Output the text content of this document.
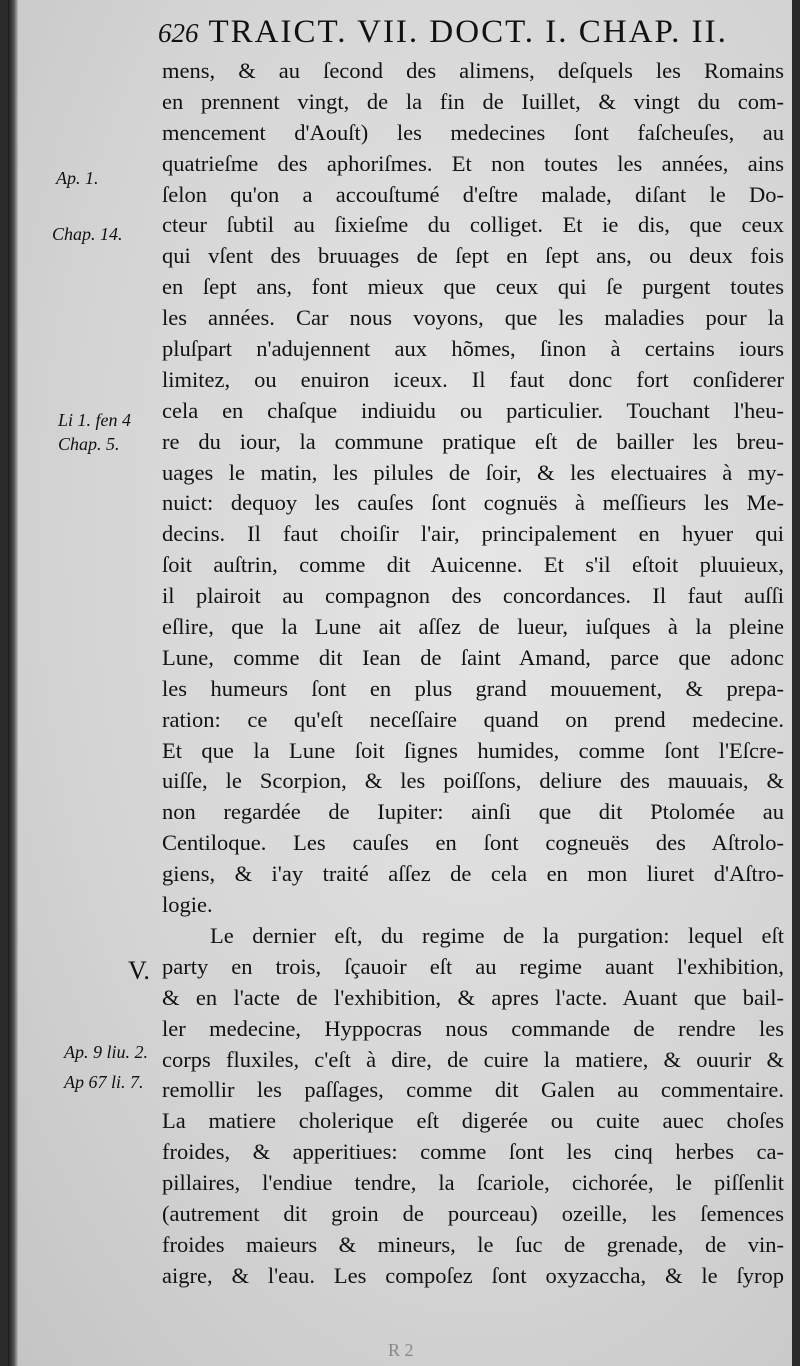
626 TRAICT. VII. DOCT. I. CHAP. II.
Ap. 1.
Chap. 14.
Li 1. fen 4
Chap. 5.
V.
Ap. 9 liu. 2.
Ap 67 li. 7.
mens, & au ſecond des alimens, deſquels les Romains
en prennent vingt, de la fin de Iuillet, & vingt du com-
mencement d'Aouſt) les medecines ſont faſcheuſes, au
quatrieſme des aphoriſmes. Et non toutes les années, ains
ſelon qu'on a accouſtumé d'eſtre malade, diſant le Do-
cteur ſubtil au ſixieſme du colliget. Et ie dis, que ceux
qui vſent des bruuages de ſept en ſept ans, ou deux fois
en ſept ans, font mieux que ceux qui ſe purgent toutes
les années. Car nous voyons, que les maladies pour la
pluſpart n'adujennent aux hõmes, ſinon à certains iours
limitez, ou enuiron iceux. Il faut donc fort conſiderer
cela en chaſque indiuidu ou particulier. Touchant l'heu-
re du iour, la commune pratique eſt de bailler les breu-
uages le matin, les pilules de ſoir, & les electuaires à my-
nuict: dequoy les cauſes ſont cognuës à meſſieurs les Me-
decins. Il faut choiſir l'air, principalement en hyuer qui
ſoit auſtrin, comme dit Auicenne. Et s'il eſtoit pluuieux,
il plairoit au compagnon des concordances. Il faut auſſi
eſlire, que la Lune ait aſſez de lueur, iuſques à la pleine
Lune, comme dit Iean de ſaint Amand, parce que adonc
les humeurs ſont en plus grand mouuement, & prepa-
ration: ce qu'eſt neceſſaire quand on prend medecine.
Et que la Lune ſoit ſignes humides, comme ſont l'Eſcre-
uiſſe, le Scorpion, & les poiſſons, deliure des mauuais, &
non regardée de Iupiter: ainſi que dit Ptolomée au
Centiloque. Les cauſes en ſont cogneuës des Aſtrolo-
giens, & i'ay traité aſſez de cela en mon liuret d'Aſtro-
logie.
Le dernier eſt, du regime de la purgation: lequel eſt
party en trois, ſçauoir eſt au regime auant l'exhibition,
& en l'acte de l'exhibition, & apres l'acte. Auant que bail-
ler medecine, Hyppocras nous commande de rendre les
corps fluxiles, c'eſt à dire, de cuire la matiere, & ouurir &
remollir les paſſages, comme dit Galen au commentaire.
La matiere cholerique eſt digerée ou cuite auec choſes
froides, & apperitiues: comme ſont les cinq herbes ca-
pillaires, l'endiue tendre, la ſcariole, cichorée, le piſſenlit
(autrement dit groin de pourceau) ozeille, les ſemences
froides maieurs & mineurs, le ſuc de grenade, de vin-
aigre, & l'eau. Les compoſez ſont oxyzaccha, & le ſyrop
R 2
